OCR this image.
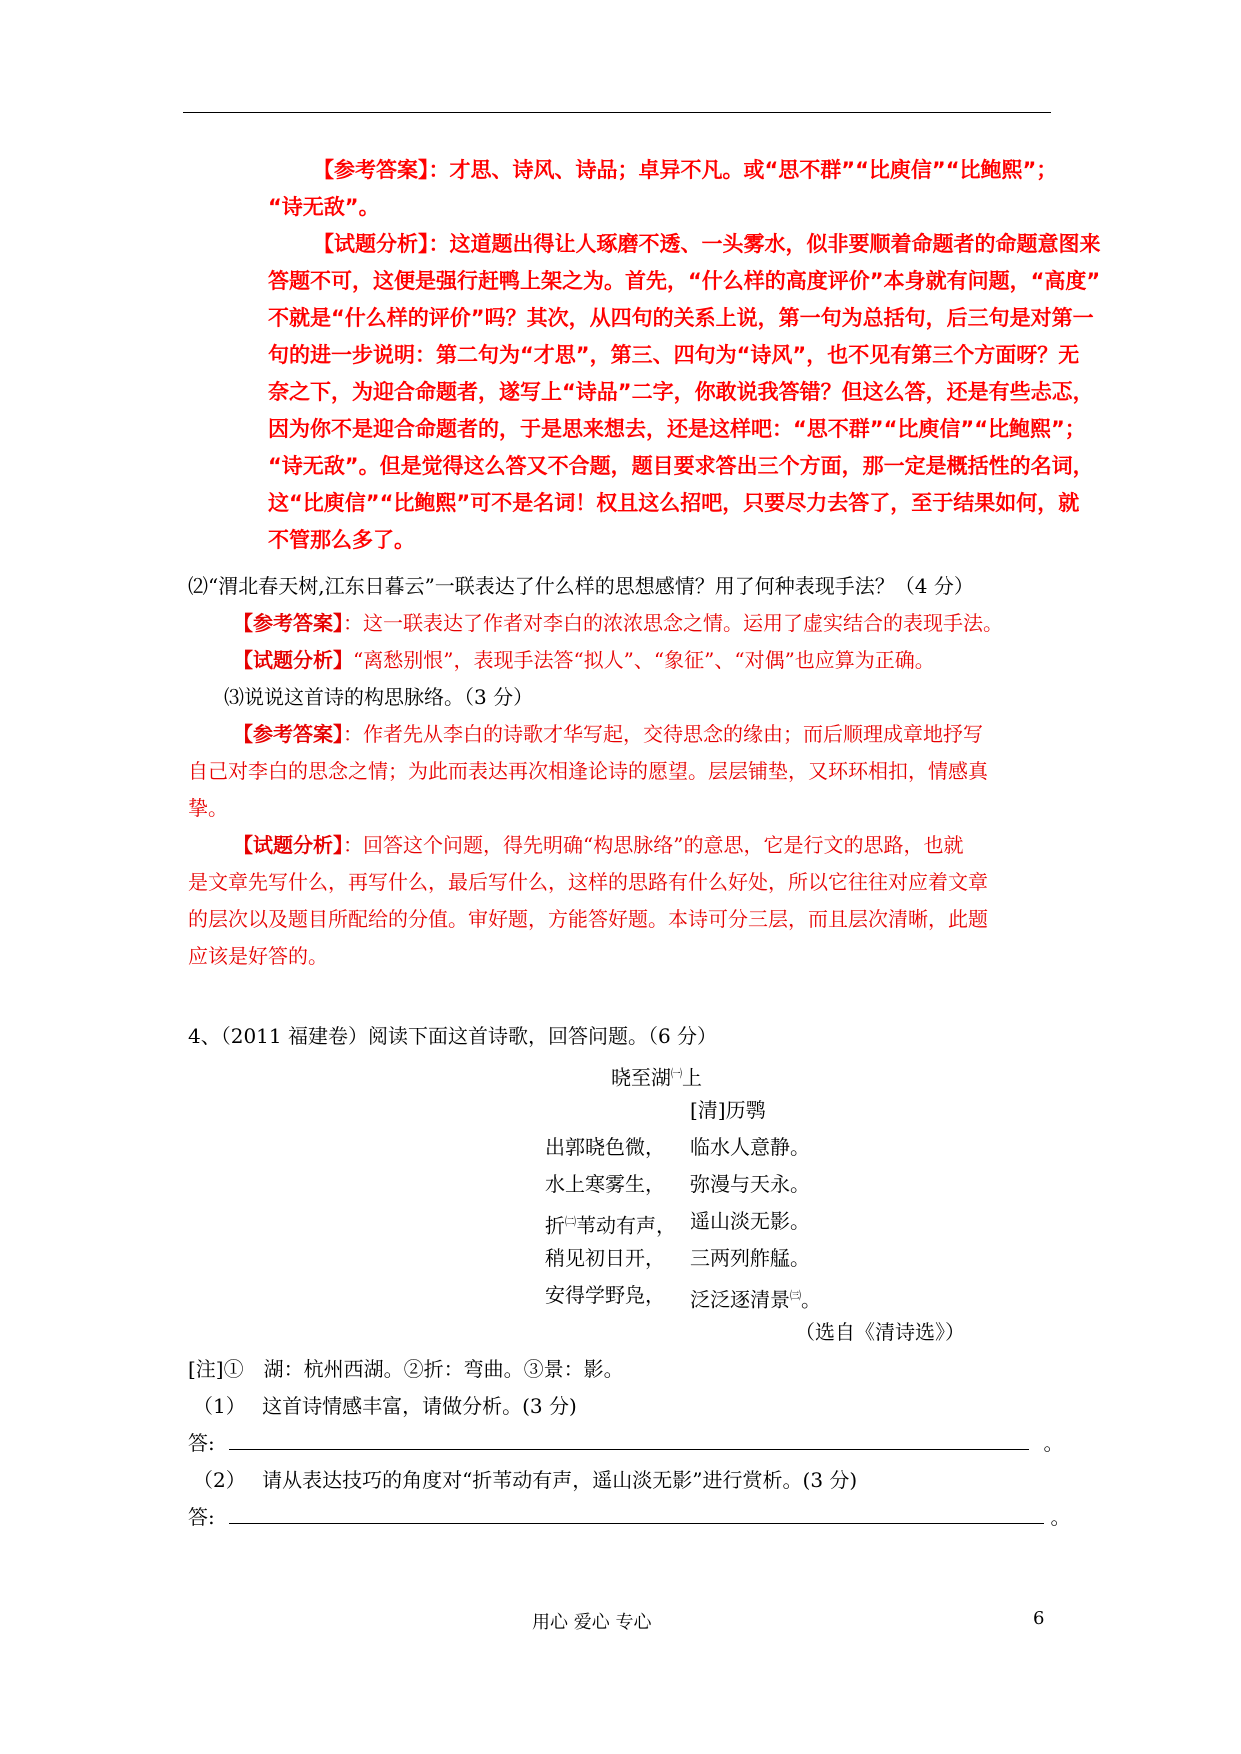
【参考答案】：才思、诗风、诗品；卓异不凡。或“思不群”“比庾信”“比鲍熙”；

“诗无敌”。

【试题分析】：这道题出得让人琢磨不透、一头雾水，似非要顺着命题者的命题意图来

答题不可，这便是强行赶鸭上架之为。首先，“什么样的高度评价”本身就有问题，“高度”

不就是“什么样的评价”吗？其次，从四句的关系上说，第一句为总括句，后三句是对第一

句的进一步说明：第二句为“才思”，第三、四句为“诗风”，也不见有第三个方面呀？无

奈之下，为迎合命题者，遂写上“诗品”二字，你敢说我答错？但这么答，还是有些忐忑，

因为你不是迎合命题者的，于是思来想去，还是这样吧：“思不群”“比庾信”“比鲍熙”；

“诗无敌”。但是觉得这么答又不合题，题目要求答出三个方面，那一定是概括性的名词，

这“比庾信”“比鲍熙”可不是名词！权且这么招吧，只要尽力去答了，至于结果如何，就

不管那么多了。

⑵“渭北春天树,江东日暮云”一联表达了什么样的思想感情？用了何种表现手法？（4 分）

【参考答案】：这一联表达了作者对李白的浓浓思念之情。运用了虚实结合的表现手法。

【试题分析】“离愁别恨”，表现手法答“拟人”、“象征”、“对偶”也应算为正确。

⑶说说这首诗的构思脉络。（3 分）

【参考答案】：作者先从李白的诗歌才华写起，交待思念的缘由；而后顺理成章地抒写

自己对李白的思念之情；为此而表达再次相逢论诗的愿望。层层铺垫，又环环相扣，情感真

挚。

【试题分析】：回答这个问题，得先明确“构思脉络”的意思，它是行文的思路，也就

是文章先写什么，再写什么，最后写什么，这样的思路有什么好处，所以它往往对应着文章

的层次以及题目所配给的分值。审好题，方能答好题。本诗可分三层，而且层次清晰，此题

应该是好答的。

4、（2011 福建卷）阅读下面这首诗歌，回答问题。（6 分）

晓至湖$^㈠$上

[清]历鹗

出郭晓色微， 临水人意静。

水上寒雾生， 弥漫与天永。

折$^㈡$苇动有声， 遥山淡无影。

稍见初日开， 三两列舴艋。

安得学野凫， 泛泛逐清景$^㈢$。

（选自《清诗选》）

[注]①　湖：杭州西湖。②折：弯曲。③景：影。

（1）　 这首诗情感丰富，请做分析。(3 分)

答:	。

（2）　 请从表达技巧的角度对“折苇动有声，遥山淡无影”进行赏析。(3 分)

答:	。

用心 爱心 专心	6
